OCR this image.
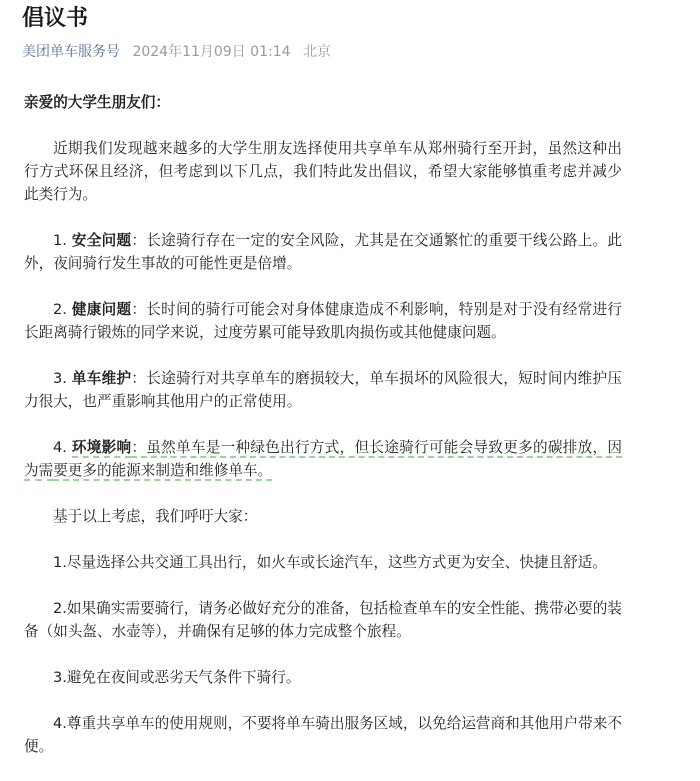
倡议书
美团单车服务号 2024年11月09日 01:14 北京

亲爱的大学生朋友们：

近期我们发现越来越多的大学生朋友选择使用共享单车从郑州骑行至开封，虽然这种出行方式环保且经济，但考虑到以下几点，我们特此发出倡议，希望大家能够慎重考虑并减少此类行为。

1. 安全问题：长途骑行存在一定的安全风险，尤其是在交通繁忙的重要干线公路上。此外，夜间骑行发生事故的可能性更是倍增。

2. 健康问题：长时间的骑行可能会对身体健康造成不利影响，特别是对于没有经常进行长距离骑行锻炼的同学来说，过度劳累可能导致肌肉损伤或其他健康问题。

3. 单车维护：长途骑行对共享单车的磨损较大，单车损坏的风险很大，短时间内维护压力很大，也严重影响其他用户的正常使用。

4. 环境影响：虽然单车是一种绿色出行方式，但长途骑行可能会导致更多的碳排放，因为需要更多的能源来制造和维修单车。

基于以上考虑，我们呼吁大家：

1.尽量选择公共交通工具出行，如火车或长途汽车，这些方式更为安全、快捷且舒适。

2.如果确实需要骑行，请务必做好充分的准备，包括检查单车的安全性能、携带必要的装备（如头盔、水壶等），并确保有足够的体力完成整个旅程。

3.避免在夜间或恶劣天气条件下骑行。

4.尊重共享单车的使用规则，不要将单车骑出服务区域，以免给运营商和其他用户带来不便。
